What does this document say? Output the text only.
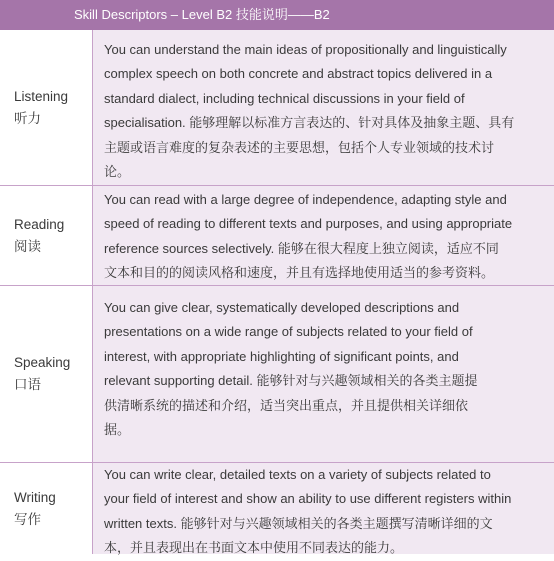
Skill Descriptors – Level B2 技能说明——B2
Listening
听力
You can understand the main ideas of propositionally and linguistically
complex speech on both concrete and abstract topics delivered in a
standard dialect, including technical discussions in your field of
specialisation. 能够理解以标准方言表达的、针对具体及抽象主题、具有
主题或语言难度的复杂表述的主要思想，包括个人专业领域的技术讨
论。
Reading
阅读
You can read with a large degree of independence, adapting style and
speed of reading to different texts and purposes, and using appropriate
reference sources selectively. 能够在很大程度上独立阅读，适应不同
文本和目的的阅读风格和速度，并且有选择地使用适当的参考资料。
Speaking
口语
You can give clear, systematically developed descriptions and
presentations on a wide range of subjects related to your field of
interest, with appropriate highlighting of significant points, and
relevant supporting detail. 能够针对与兴趣领域相关的各类主题提
供清晰系统的描述和介绍，适当突出重点，并且提供相关详细依
据。
Writing
写作
You can write clear, detailed texts on a variety of subjects related to
your field of interest and show an ability to use different registers within
written texts. 能够针对与兴趣领域相关的各类主题撰写清晰详细的文
本，并且表现出在书面文本中使用不同表达的能力。
